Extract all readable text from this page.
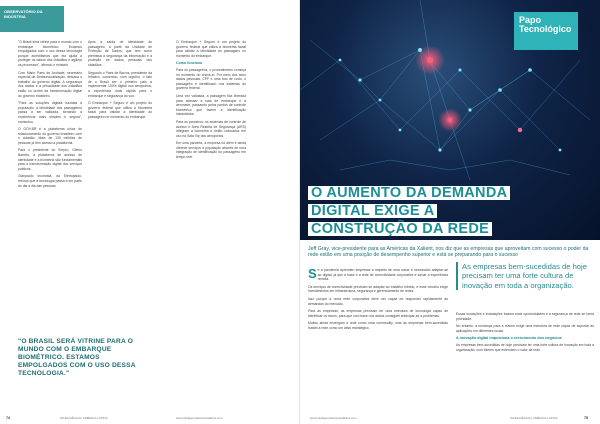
OBSERVATÓRIO DA INDÚSTRIA

"O Brasil será vitrine para o mundo com o embarque biométrico. Estamos empolgados com o uso dessa tecnologia porque acreditamos que ela ajuda a proteger os dados dos cidadãos e agilizar os processos", afirmou o ministro.

Com Mário Paes de Andrade, secretário especial de Desburocratização, destaca o trabalho do governo digital. A segurança dos dados e a privacidade dos cidadãos estão no centro da transformação digital do governo brasileiro.

"Para as soluções digitais trazidas à população, a identidade dos passageiros passa a ser validada, tornando a experiência mais simples e segura", comentou.

O GOV.BR é a plataforma única de relacionamento do governo brasileiro com o cidadão. Mais de 130 milhões de pessoas já têm acesso à plataforma.

Para o presidente do Serpro, Gileno Barreto, a plataforma de acesso de identidade e a biometria são fundamentais para a transformação digital dos serviços públicos.

Gianpaolo Incorvaia, da Eletropaulo, reforça que a tecnologia passa a ser parte do dia a dia das pessoas.

Após a saída de identidade do passageiro, a partir da Unidade de Proteção de Dados, que tem como premissa a segurança da informação e a proteção de dados pessoais dos cidadãos.

Segundo o Paes de Barros, presidente da Infraero, comentou, com orgulho, o fato de o Brasil ser o primeiro país a implementar 100% digital nos aeroportos, a experiência mais rápida para o embarque e segurança do voo.

O Embarque + Seguro é um projeto do governo federal que utiliza a biometria facial para validar a identidade do passageiro no momento do embarque.

O Embarque + Seguro é um projeto do governo federal que utiliza a biometria facial para validar a identidade do passageiro no momento do embarque.

Como funciona

Para os passageiros, o procedimento começa no momento do check-in. Por meio dos seus dados pessoais, CPF e uma foto de rosto, o passageiro é identificado nos sistemas do governo federal.

Uma vez validada, a passagem fica liberada para acessar a sala de embarque e a aeronave, passando pelos pontos de controle biométrico que fazem a identificação instantânea.

Para os parceiros, os sistemas de controle de acesso e Área Restrita de Segurança (ARS) integram a biometria e estão colocados em uso na Sala Vip dos aeroportos.

Em uma parceria, a empresa foi além e ainda oferece serviços à população através de uma integração de identificação do passageiro em tempo real.

"O BRASIL SERÁ VITRINE PARA O MUNDO COM O EMBARQUE BIOMÉTRICO. ESTAMOS EMPOLGADOS COM O USO DESSA TECNOLOGIA."
74	INTELIGÊNCIA | AMÉRICA LATINA	www.inteligenciaamericalatina.com
Papo Tecnológico
O AUMENTO DA DEMANDA
DIGITAL EXIGE A
CONSTRUÇÃO DA REDE

Jeff Gray, vice-presidente para as Américas da Xalient, nos diz que as empresas que aproveitam com sucesso o poder da rede estão em uma posição de desempenho superior e está se preparando para o sucesso

Se a pandemia aprendeu empresas a respeito de uma coisa: é necessário adaptar-se ao digital, já que a base é a rede de conectividade corporativa e tornar a experiência remota.

Os serviços de conectividade precisam se adaptar ao trabalho híbrido, e esse cenário exige investimentos em infraestrutura, segurança e gerenciamento de redes.

Isso porque a nova rede corporativa deve ser capaz de responder rapidamente às demandas do mercado.

Para as empresas, as empresas precisam ter uma estrutura de tecnologia capaz de identificar os riscos, para que com base nos dados consigam antecipar-se a problemas.

Muitos ainda enxergam a rede como uma commodity, mas as empresas bem-sucedidas tratam a rede como um ativo estratégico.

As empresas bem-sucedidas de hoje precisam ter uma forte cultura de inovação em toda a organização.

Essas inovações e instalações trazem mais oportunidades e a segurança de rede se torna prioridade.

No entanto, a mudança para a nuvem exige uma estrutura de rede capaz de suportar as aplicações em diferentes locais.

A inovação digital impulsiona o crescimento dos negócios

As empresas bem-sucedidas de hoje precisam ter uma forte cultura de inovação em toda a organização, com líderes que entendem o valor da rede.

www.inteligenciaamericalatina.com	INTELIGÊNCIA | AMÉRICA LATINA	75
